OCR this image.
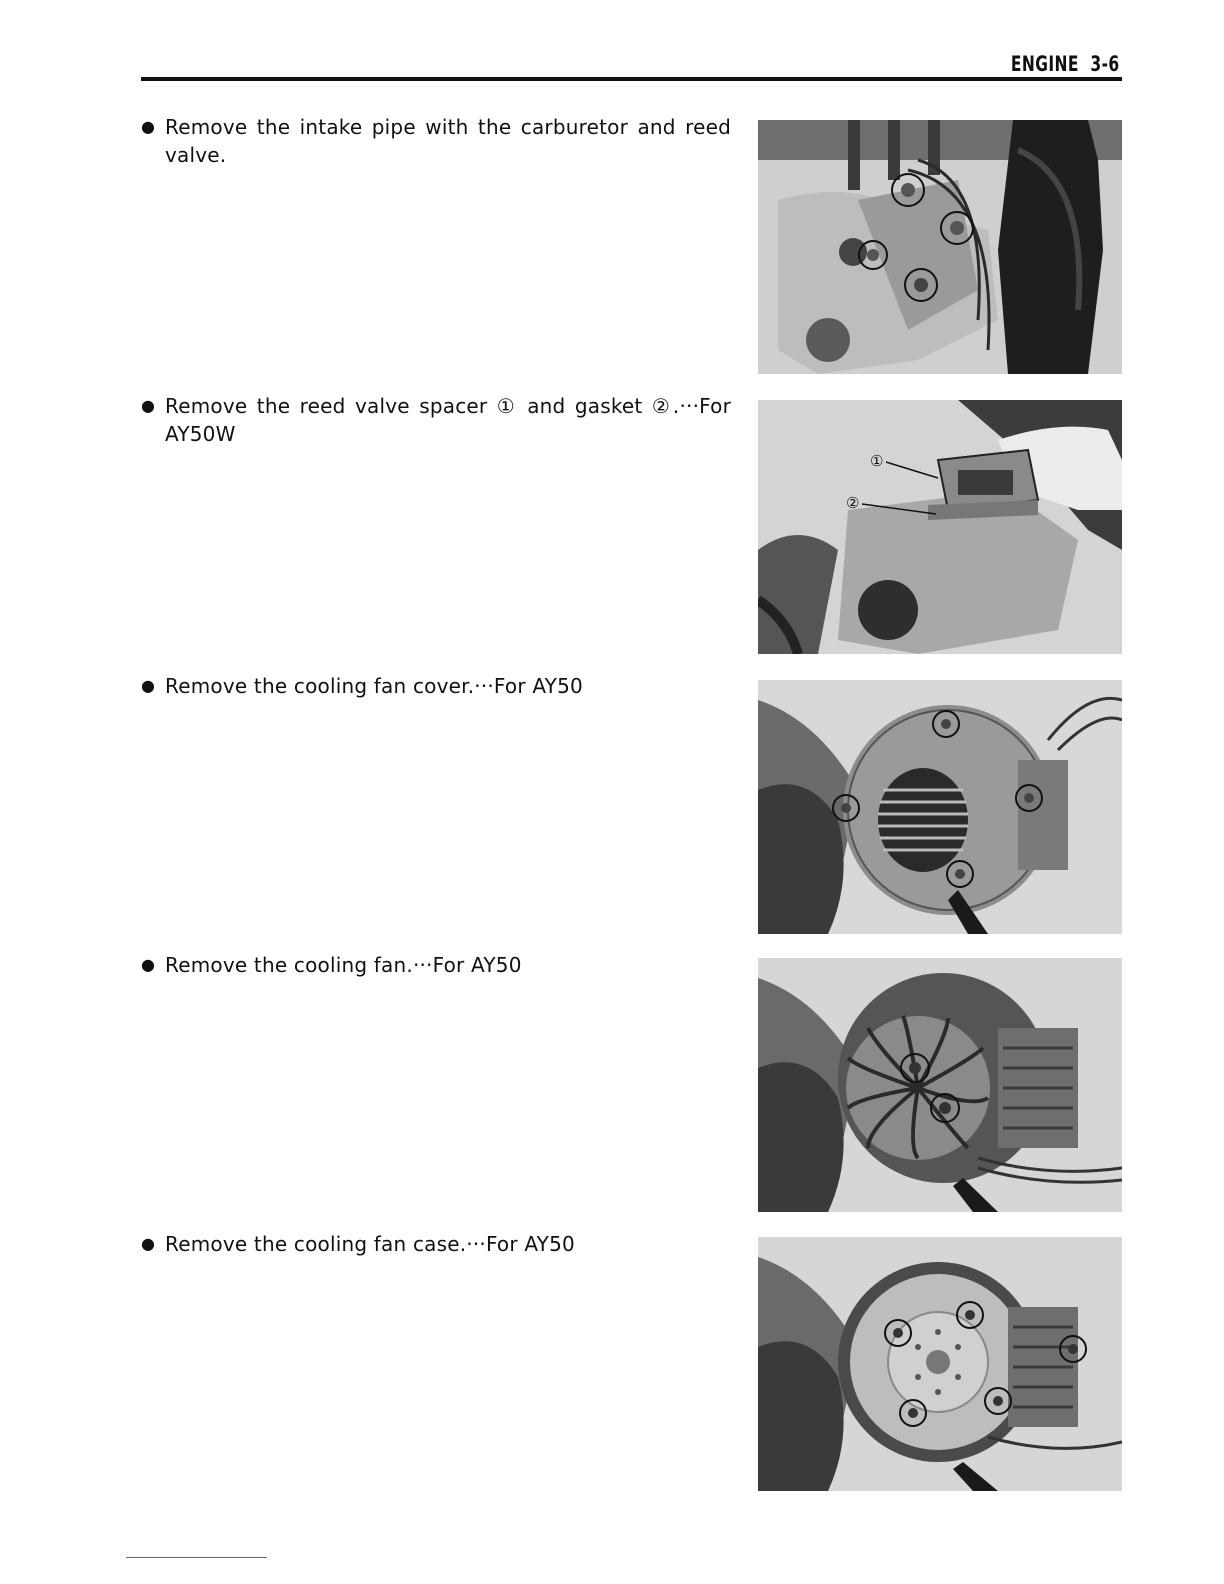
ENGINE 3-6
● Remove the intake pipe with the carburetor and reed valve.
● Remove the reed valve spacer ① and gasket ②.···For AY50W
①
②
● Remove the cooling fan cover.···For AY50
● Remove the cooling fan.···For AY50
● Remove the cooling fan case.···For AY50
